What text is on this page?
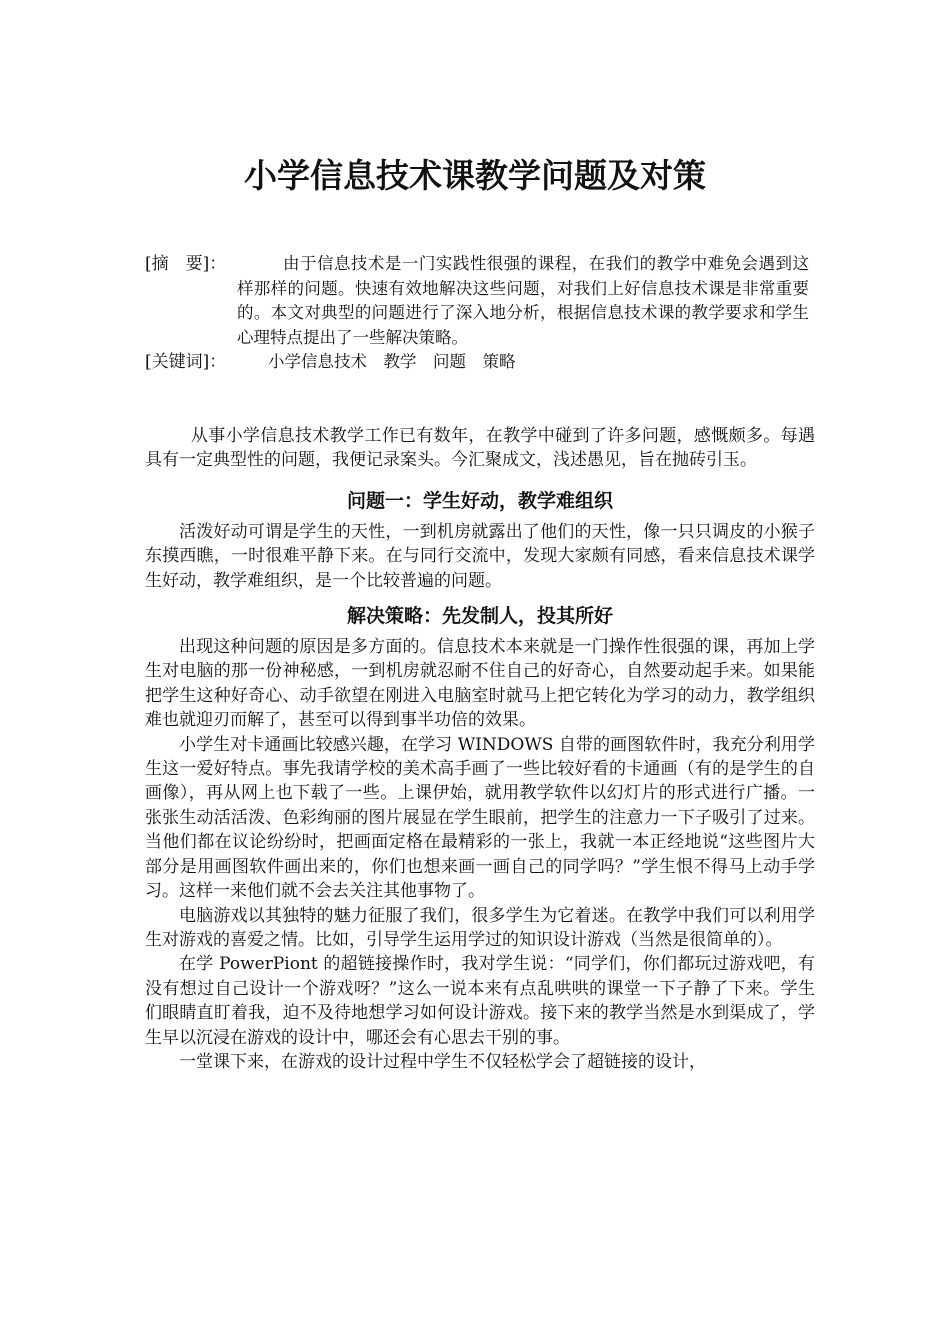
小学信息技术课教学问题及对策
[摘　要]：	由于信息技术是一门实践性很强的课程，在我们的教学中难免会遇到这样那样的问题。快速有效地解决这些问题，对我们上好信息技术课是非常重要的。本文对典型的问题进行了深入地分析，根据信息技术课的教学要求和学生心理特点提出了一些解决策略。

[关键词]：	小学信息技术　教学　问题　策略

从事小学信息技术教学工作已有数年，在教学中碰到了许多问题，感慨颇多。每遇具有一定典型性的问题，我便记录案头。今汇聚成文，浅述愚见，旨在抛砖引玉。

问题一：学生好动，教学难组织

活泼好动可谓是学生的天性，一到机房就露出了他们的天性，像一只只调皮的小猴子东摸西瞧，一时很难平静下来。在与同行交流中，发现大家颇有同感，看来信息技术课学生好动，教学难组织，是一个比较普遍的问题。

解决策略：先发制人，投其所好

出现这种问题的原因是多方面的。信息技术本来就是一门操作性很强的课，再加上学生对电脑的那一份神秘感，一到机房就忍耐不住自己的好奇心，自然要动起手来。如果能把学生这种好奇心、动手欲望在刚进入电脑室时就马上把它转化为学习的动力，教学组织难也就迎刃而解了，甚至可以得到事半功倍的效果。

小学生对卡通画比较感兴趣，在学习 WINDOWS 自带的画图软件时，我充分利用学生这一爱好特点。事先我请学校的美术高手画了一些比较好看的卡通画（有的是学生的自画像），再从网上也下载了一些。上课伊始，就用教学软件以幻灯片的形式进行广播。一张张生动活活泼、色彩绚丽的图片展显在学生眼前，把学生的注意力一下子吸引了过来。当他们都在议论纷纷时，把画面定格在最精彩的一张上，我就一本正经地说“这些图片大部分是用画图软件画出来的，你们也想来画一画自己的同学吗？”学生恨不得马上动手学习。这样一来他们就不会去关注其他事物了。

电脑游戏以其独特的魅力征服了我们，很多学生为它着迷。在教学中我们可以利用学生对游戏的喜爱之情。比如，引导学生运用学过的知识设计游戏（当然是很简单的）。

在学 PowerPiont 的超链接操作时，我对学生说：“同学们，你们都玩过游戏吧，有没有想过自己设计一个游戏呀？”这么一说本来有点乱哄哄的课堂一下子静了下来。学生们眼睛直盯着我，迫不及待地想学习如何设计游戏。接下来的教学当然是水到渠成了，学生早以沉浸在游戏的设计中，哪还会有心思去干别的事。

一堂课下来，在游戏的设计过程中学生不仅轻松学会了超链接的设计，
